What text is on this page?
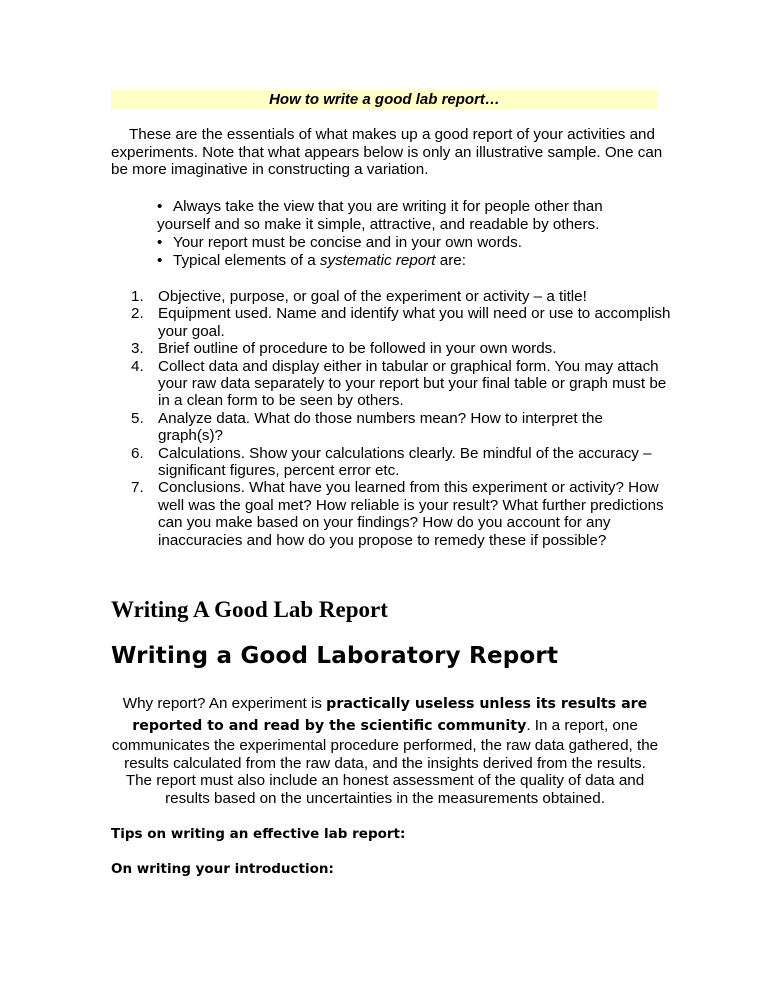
How to write a good lab report…
These are the essentials of what makes up a good report of your activities and experiments. Note that what appears below is only an illustrative sample. One can be more imaginative in constructing a variation.
• Always take the view that you are writing it for people other than yourself and so make it simple, attractive, and readable by others.
• Your report must be concise and in your own words.
• Typical elements of a systematic report are:
1. Objective, purpose, or goal of the experiment or activity – a title!
2. Equipment used. Name and identify what you will need or use to accomplish your goal.
3. Brief outline of procedure to be followed in your own words.
4. Collect data and display either in tabular or graphical form. You may attach your raw data separately to your report but your final table or graph must be in a clean form to be seen by others.
5. Analyze data. What do those numbers mean? How to interpret the graph(s)?
6. Calculations. Show your calculations clearly. Be mindful of the accuracy – significant figures, percent error etc.
7. Conclusions. What have you learned from this experiment or activity? How well was the goal met? How reliable is your result? What further predictions can you make based on your findings? How do you account for any inaccuracies and how do you propose to remedy these if possible?
Writing A Good Lab Report
Writing a Good Laboratory Report
Why report? An experiment is practically useless unless its results are reported to and read by the scientific community. In a report, one communicates the experimental procedure performed, the raw data gathered, the results calculated from the raw data, and the insights derived from the results. The report must also include an honest assessment of the quality of data and results based on the uncertainties in the measurements obtained.
Tips on writing an effective lab report:
On writing your introduction:
